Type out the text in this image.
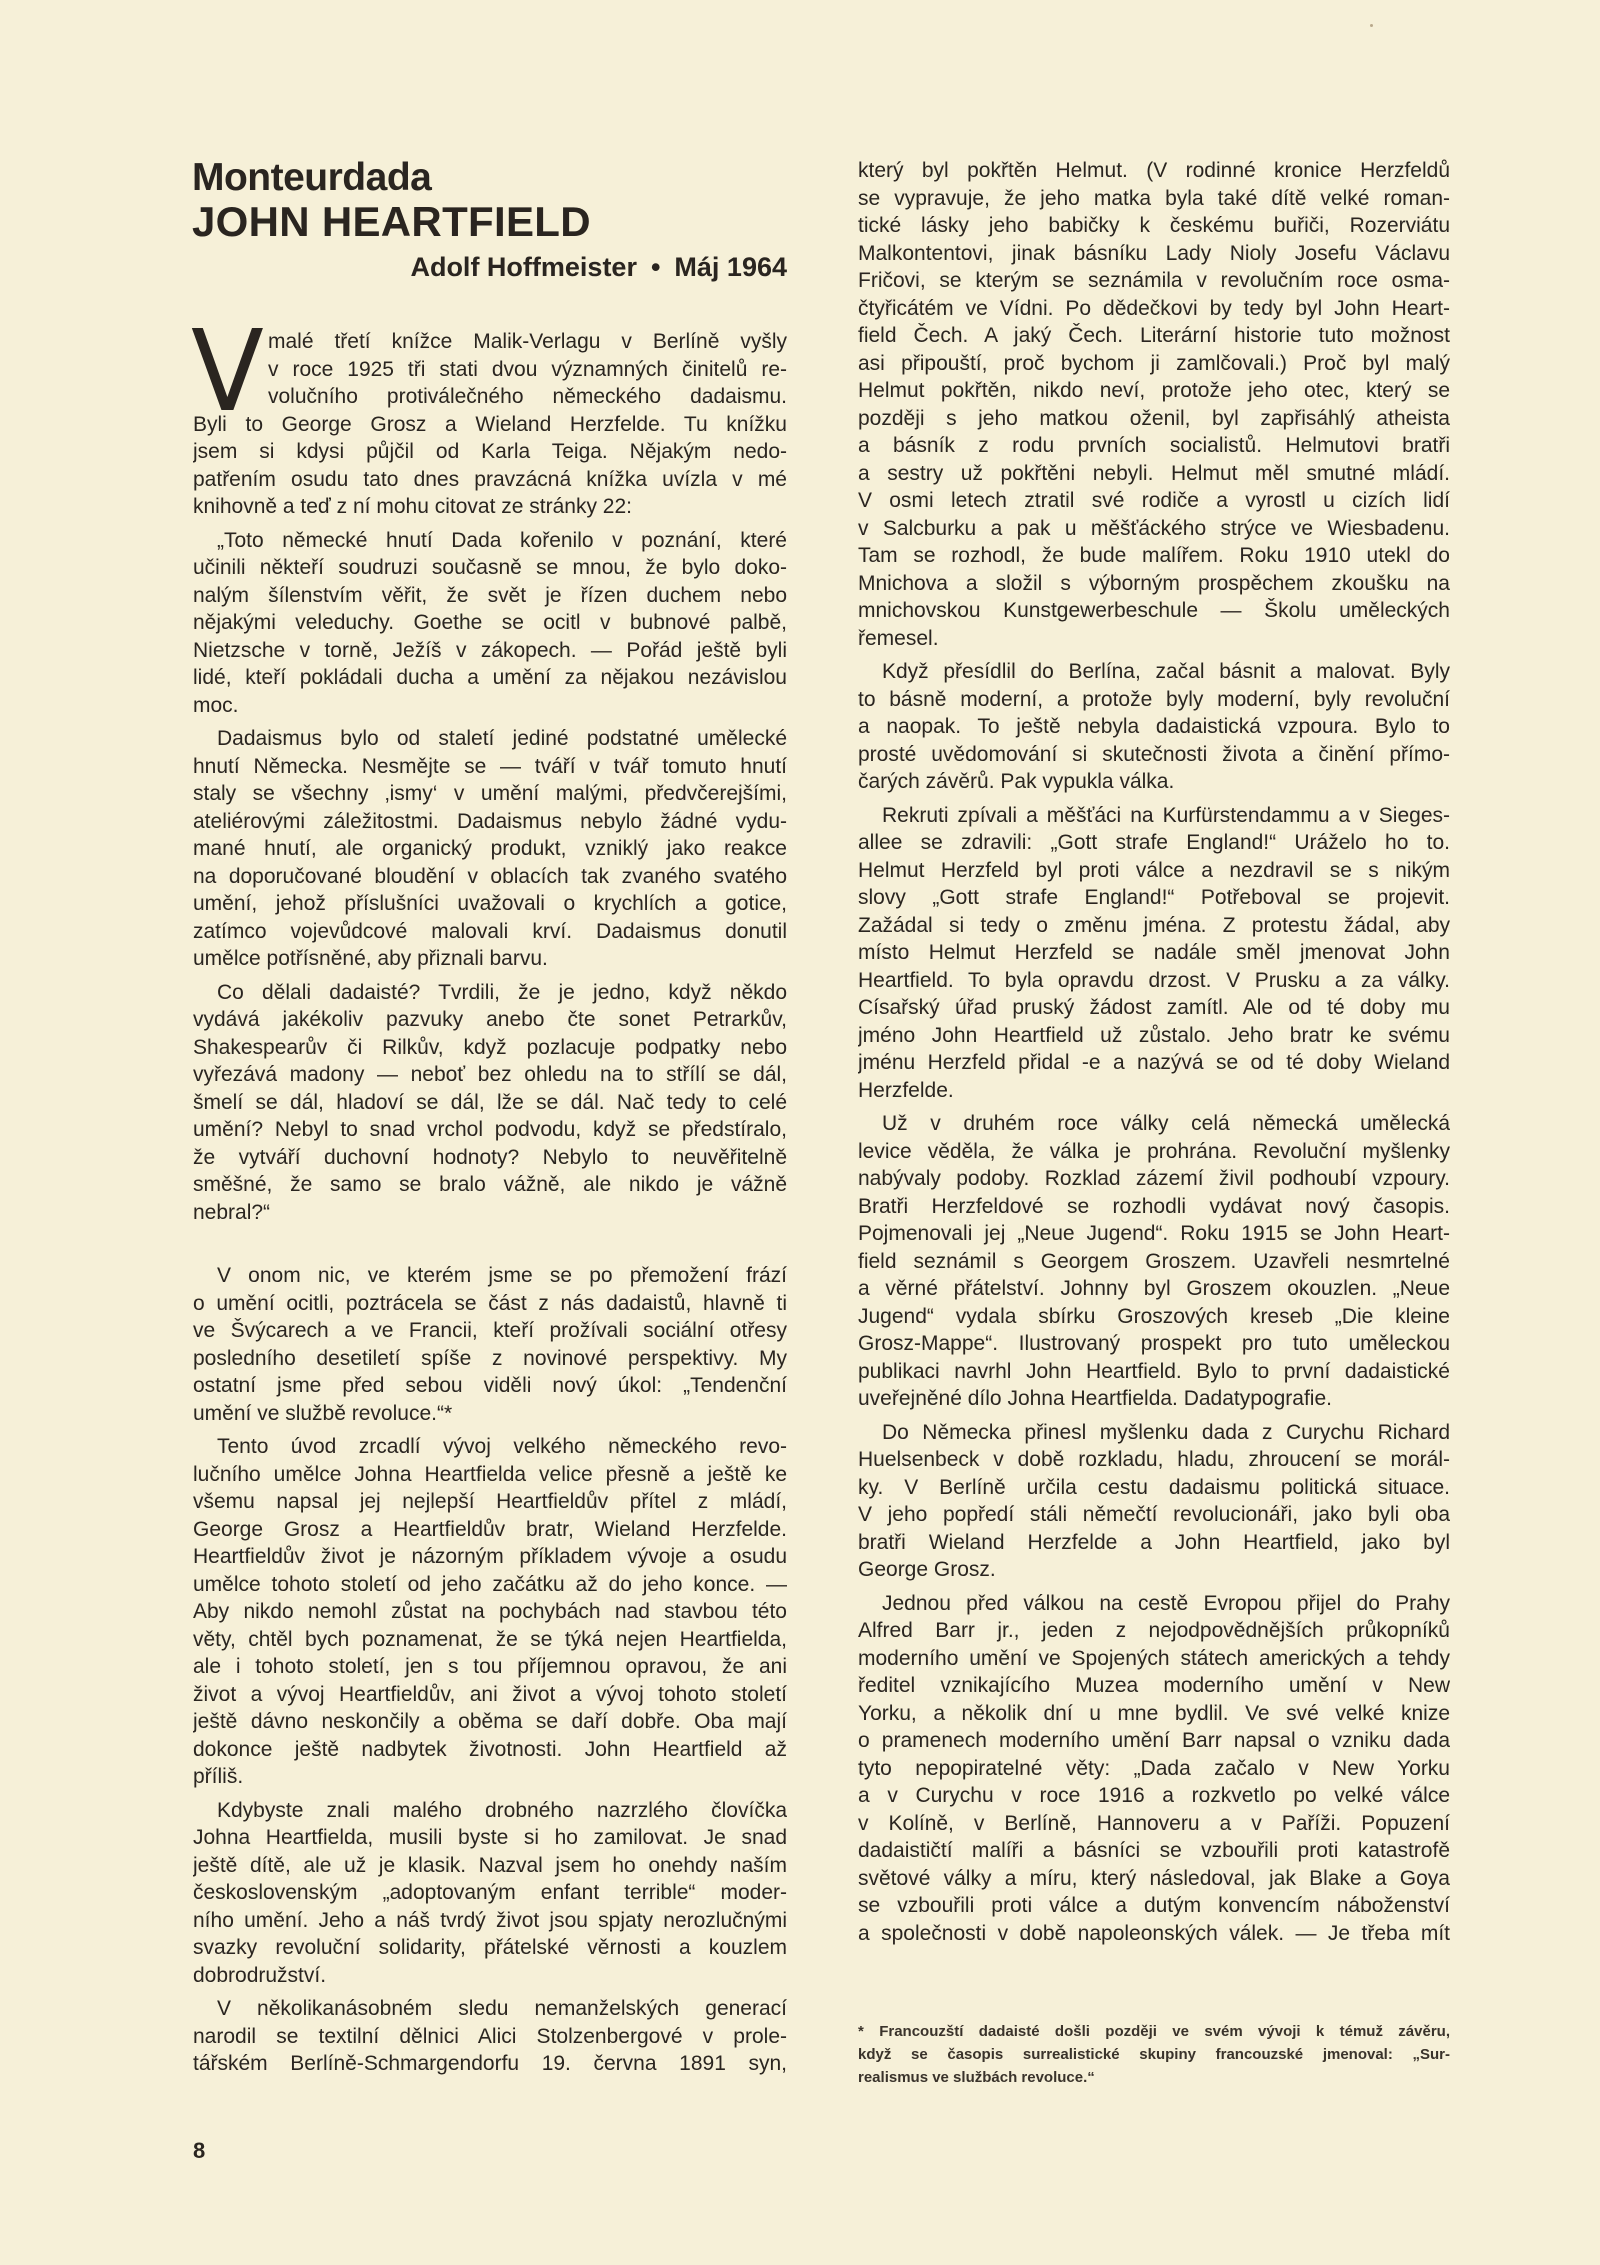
Monteurdada
JOHN HEARTFIELD
Adolf Hoffmeister • Máj 1964
V malé třetí knížce Malik-Verlagu v Berlíně vyšly
v roce 1925 tři stati dvou významných činitelů re-
volučního protiválečného německého dadaismu.
Byli to George Grosz a Wieland Herzfelde. Tu knížku
jsem si kdysi půjčil od Karla Teiga. Nějakým nedo-
patřením osudu tato dnes pravzácná knížka uvízla v mé
knihovně a teď z ní mohu citovat ze stránky 22:
„Toto německé hnutí Dada kořenilo v poznání, které
učinili někteří soudruzi současně se mnou, že bylo doko-
nalým šílenstvím věřit, že svět je řízen duchem nebo
nějakými veleduchy. Goethe se ocitl v bubnové palbě,
Nietzsche v torně, Ježíš v zákopech. — Pořád ještě byli
lidé, kteří pokládali ducha a umění za nějakou nezávislou
moc.
Dadaismus bylo od staletí jediné podstatné umělecké
hnutí Německa. Nesmějte se — tváří v tvář tomuto hnutí
staly se všechny ‚ismy‘ v umění malými, předvčerejšími,
ateliérovými záležitostmi. Dadaismus nebylo žádné vydu-
mané hnutí, ale organický produkt, vzniklý jako reakce
na doporučované bloudění v oblacích tak zvaného svatého
umění, jehož příslušníci uvažovali o krychlích a gotice,
zatímco vojevůdcové malovali krví. Dadaismus donutil
umělce potřísněné, aby přiznali barvu.
Co dělali dadaisté? Tvrdili, že je jedno, když někdo
vydává jakékoliv pazvuky anebo čte sonet Petrarkův,
Shakespearův či Rilkův, když pozlacuje podpatky nebo
vyřezává madony — neboť bez ohledu na to střílí se dál,
šmelí se dál, hladoví se dál, lže se dál. Nač tedy to celé
umění? Nebyl to snad vrchol podvodu, když se předstíralo,
že vytváří duchovní hodnoty? Nebylo to neuvěřitelně
směšné, že samo se bralo vážně, ale nikdo je vážně
nebral?“
V onom nic, ve kterém jsme se po přemožení frází
o umění ocitli, poztrácela se část z nás dadaistů, hlavně ti
ve Švýcarech a ve Francii, kteří prožívali sociální otřesy
posledního desetiletí spíše z novinové perspektivy. My
ostatní jsme před sebou viděli nový úkol: „Tendenční
umění ve službě revoluce.“*
Tento úvod zrcadlí vývoj velkého německého revo-
lučního umělce Johna Heartfielda velice přesně a ještě ke
všemu napsal jej nejlepší Heartfieldův přítel z mládí,
George Grosz a Heartfieldův bratr, Wieland Herzfelde.
Heartfieldův život je názorným příkladem vývoje a osudu
umělce tohoto století od jeho začátku až do jeho konce. —
Aby nikdo nemohl zůstat na pochybách nad stavbou této
věty, chtěl bych poznamenat, že se týká nejen Heartfielda,
ale i tohoto století, jen s tou příjemnou opravou, že ani
život a vývoj Heartfieldův, ani život a vývoj tohoto století
ještě dávno neskončily a oběma se daří dobře. Oba mají
dokonce ještě nadbytek životnosti. John Heartfield až
příliš.
Kdybyste znali malého drobného nazrzlého človíčka
Johna Heartfielda, musili byste si ho zamilovat. Je snad
ještě dítě, ale už je klasik. Nazval jsem ho onehdy naším
československým „adoptovaným enfant terrible“ moder-
ního umění. Jeho a náš tvrdý život jsou spjaty nerozlučnými
svazky revoluční solidarity, přátelské věrnosti a kouzlem
dobrodružství.
V několikanásobném sledu nemanželských generací
narodil se textilní dělnici Alici Stolzenbergové v prole-
tářském Berlíně-Schmargendorfu 19. června 1891 syn,
který byl pokřtěn Helmut. (V rodinné kronice Herzfeldů
se vypravuje, že jeho matka byla také dítě velké roman-
tické lásky jeho babičky k českému buřiči, Rozerviátu
Malkontentovi, jinak básníku Lady Nioly Josefu Václavu
Fričovi, se kterým se seznámila v revolučním roce osma-
čtyřicátém ve Vídni. Po dědečkovi by tedy byl John Heart-
field Čech. A jaký Čech. Literární historie tuto možnost
asi připouští, proč bychom ji zamlčovali.) Proč byl malý
Helmut pokřtěn, nikdo neví, protože jeho otec, který se
později s jeho matkou oženil, byl zapřisáhlý atheista
a básník z rodu prvních socialistů. Helmutovi bratři
a sestry už pokřtěni nebyli. Helmut měl smutné mládí.
V osmi letech ztratil své rodiče a vyrostl u cizích lidí
v Salcburku a pak u měšťáckého strýce ve Wiesbadenu.
Tam se rozhodl, že bude malířem. Roku 1910 utekl do
Mnichova a složil s výborným prospěchem zkoušku na
mnichovskou Kunstgewerbeschule — Školu uměleckých
řemesel.
Když přesídlil do Berlína, začal básnit a malovat. Byly
to básně moderní, a protože byly moderní, byly revoluční
a naopak. To ještě nebyla dadaistická vzpoura. Bylo to
prosté uvědomování si skutečnosti života a činění přímo-
čarých závěrů. Pak vypukla válka.
Rekruti zpívali a měšťáci na Kurfürstendammu a v Sieges-
allee se zdravili: „Gott strafe England!“ Uráželo ho to.
Helmut Herzfeld byl proti válce a nezdravil se s nikým
slovy „Gott strafe England!“ Potřeboval se projevit.
Zažádal si tedy o změnu jména. Z protestu žádal, aby
místo Helmut Herzfeld se nadále směl jmenovat John
Heartfield. To byla opravdu drzost. V Prusku a za války.
Císařský úřad pruský žádost zamítl. Ale od té doby mu
jméno John Heartfield už zůstalo. Jeho bratr ke svému
jménu Herzfeld přidal -e a nazývá se od té doby Wieland
Herzfelde.
Už v druhém roce války celá německá umělecká
levice věděla, že válka je prohrána. Revoluční myšlenky
nabývaly podoby. Rozklad zázemí živil podhoubí vzpoury.
Bratři Herzfeldové se rozhodli vydávat nový časopis.
Pojmenovali jej „Neue Jugend“. Roku 1915 se John Heart-
field seznámil s Georgem Groszem. Uzavřeli nesmrtelné
a věrné přátelství. Johnny byl Groszem okouzlen. „Neue
Jugend“ vydala sbírku Groszových kreseb „Die kleine
Grosz-Mappe“. Ilustrovaný prospekt pro tuto uměleckou
publikaci navrhl John Heartfield. Bylo to první dadaistické
uveřejněné dílo Johna Heartfielda. Dadatypografie.
Do Německa přinesl myšlenku dada z Curychu Richard
Huelsenbeck v době rozkladu, hladu, zhroucení se morál-
ky. V Berlíně určila cestu dadaismu politická situace.
V jeho popředí stáli němečtí revolucionáři, jako byli oba
bratři Wieland Herzfelde a John Heartfield, jako byl
George Grosz.
Jednou před válkou na cestě Evropou přijel do Prahy
Alfred Barr jr., jeden z nejodpovědnějších průkopníků
moderního umění ve Spojených státech amerických a tehdy
ředitel vznikajícího Muzea moderního umění v New
Yorku, a několik dní u mne bydlil. Ve své velké knize
o pramenech moderního umění Barr napsal o vzniku dada
tyto nepopiratelné věty: „Dada začalo v New Yorku
a v Curychu v roce 1916 a rozkvetlo po velké válce
v Kolíně, v Berlíně, Hannoveru a v Paříži. Popuzení
dadaističtí malíři a básníci se vzbouřili proti katastrofě
světové války a míru, který následoval, jak Blake a Goya
se vzbouřili proti válce a dutým konvencím náboženství
a společnosti v době napoleonských válek. — Je třeba mít
* Francouzští dadaisté došli později ve svém vývoji k témuž závěru,
když se časopis surrealistické skupiny francouzské jmenoval: „Sur-
realismus ve službách revoluce.“
8
